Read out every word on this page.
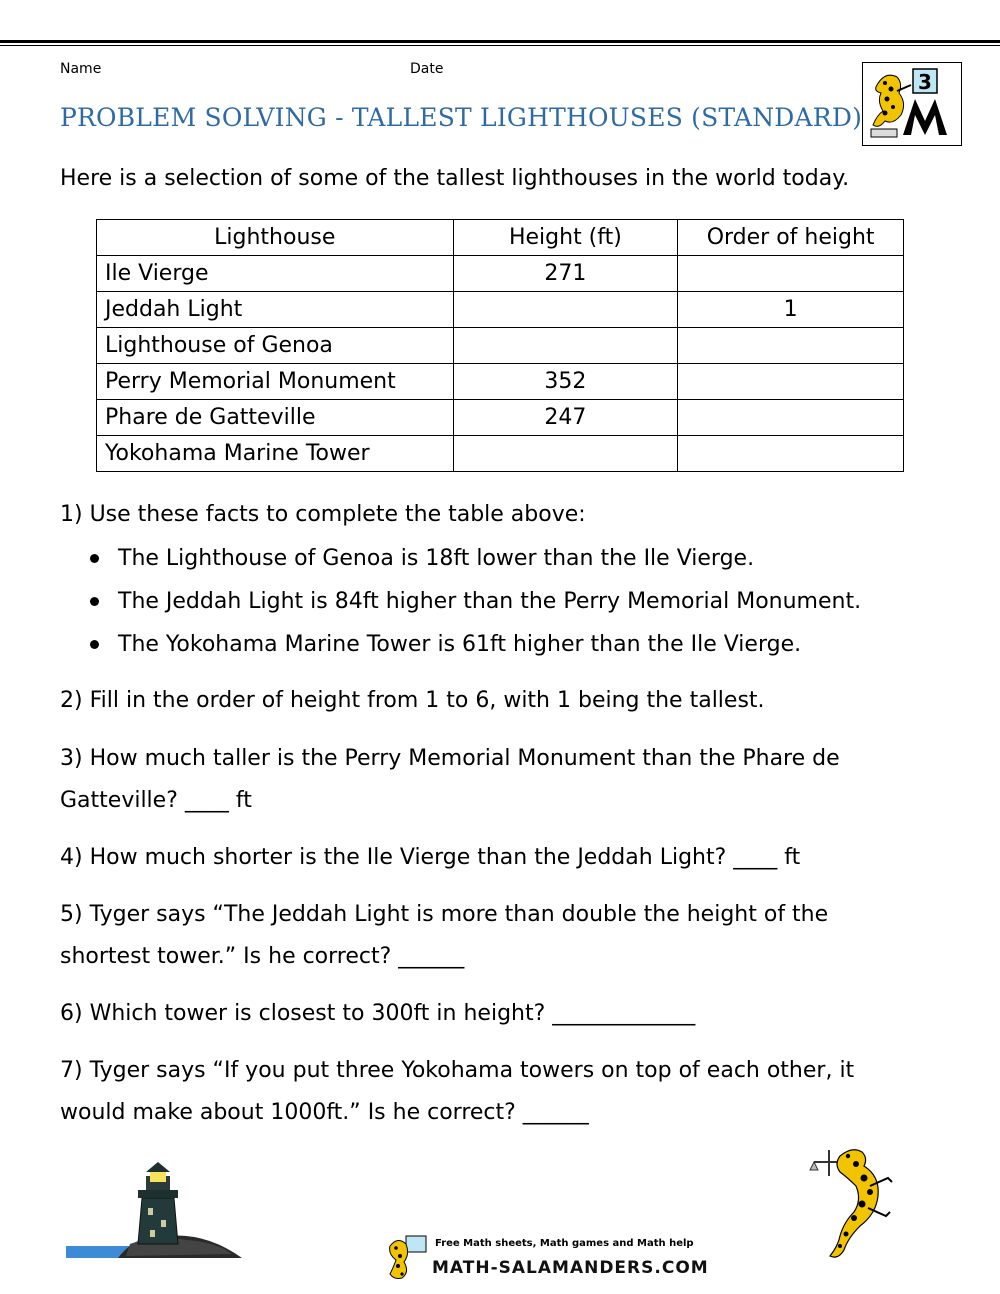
Name	Date
PROBLEM SOLVING - TALLEST LIGHTHOUSES (STANDARD)
3
Here is a selection of some of the tallest lighthouses in the world today.
Lighthouse	Height (ft)	Order of height
Ile Vierge	271	
Jeddah Light		1
Lighthouse of Genoa		
Perry Memorial Monument	352	
Phare de Gatteville	247	
Yokohama Marine Tower		
1) Use these facts to complete the table above:
The Lighthouse of Genoa is 18ft lower than the Ile Vierge.
The Jeddah Light is 84ft higher than the Perry Memorial Monument.
The Yokohama Marine Tower is 61ft higher than the Ile Vierge.
2) Fill in the order of height from 1 to 6, with 1 being the tallest.
3) How much taller is the Perry Memorial Monument than the Phare de
Gatteville? ____ ft
4) How much shorter is the Ile Vierge than the Jeddah Light? ____ ft
5) Tyger says “The Jeddah Light is more than double the height of the
shortest tower.” Is he correct? ______
6) Which tower is closest to 300ft in height? _____________
7) Tyger says “If you put three Yokohama towers on top of each other, it
would make about 1000ft.” Is he correct? ______
Free Math sheets, Math games and Math help
MATH-SALAMANDERS.COM
